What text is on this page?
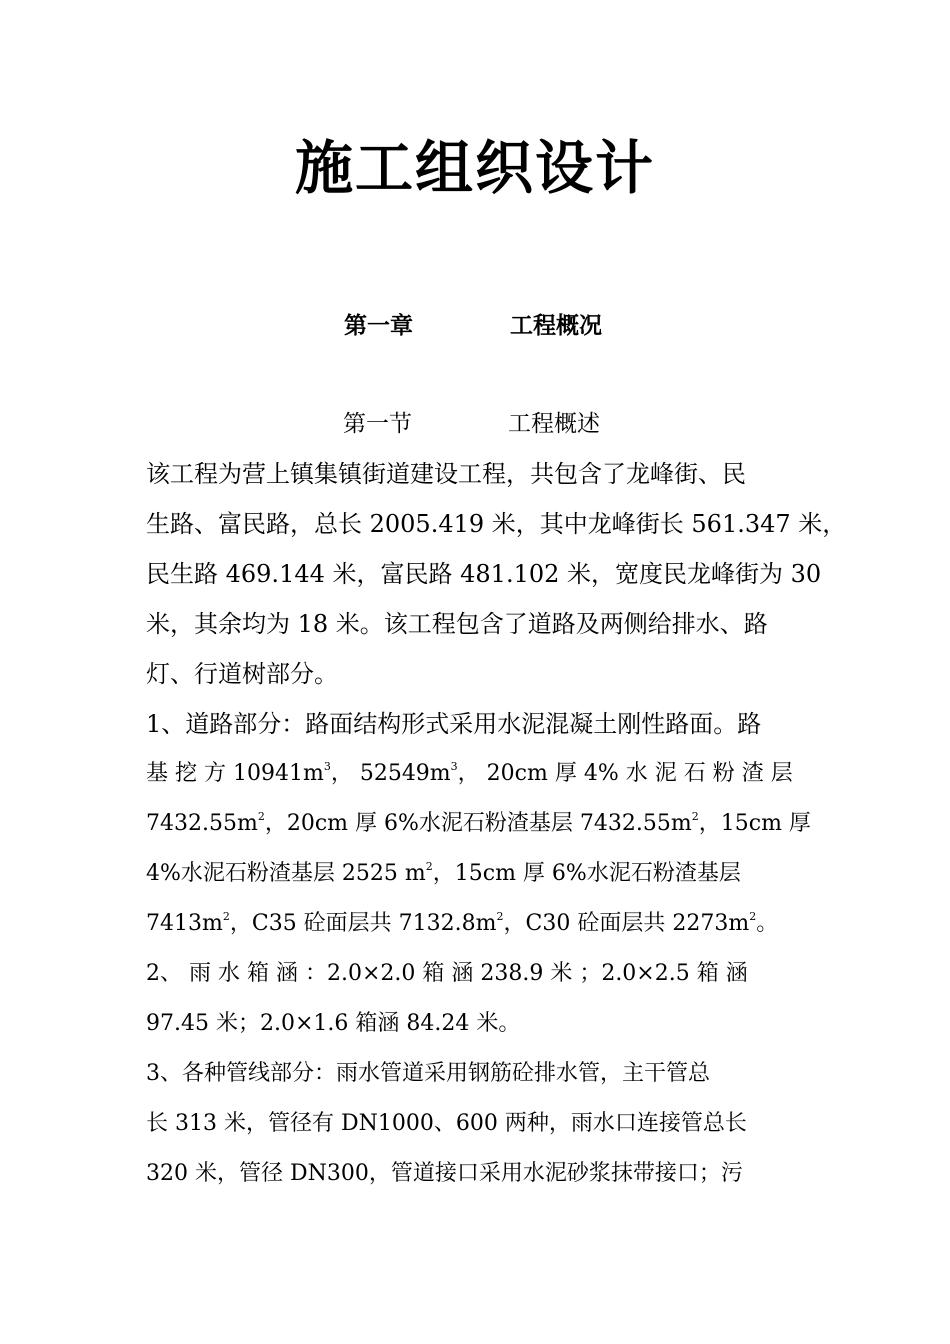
施工组织设计
第一章	工程概况
第一节	工程概述
该工程为营上镇集镇街道建设工程，共包含了龙峰街、民
生路、富民路，总长 2005.419 米，其中龙峰街长 561.347 米，
民生路 469.144 米，富民路 481.102 米，宽度民龙峰街为 30
米，其余均为 18 米。该工程包含了道路及两侧给排水、路
灯、行道树部分。
1、道路部分：路面结构形式采用水泥混凝土刚性路面。路
基 挖 方 $10941m^3$， $52549m^3$， 20cm 厚 4% 水 泥 石 粉 渣 层
$7432.55m^2$，20cm 厚 6%水泥石粉渣基层 $7432.55m^2$，15cm 厚
4%水泥石粉渣基层 2525 $m^2$，15cm 厚 6%水泥石粉渣基层
$7413m^2$，C35 砼面层共 $7132.8m^2$，C30 砼面层共 $2273m^2$。
2、 雨 水 箱 涵 ：2.0×2.0 箱 涵 238.9 米 ；2.0×2.5 箱 涵
97.45 米；2.0×1.6 箱涵 84.24 米。
3、各种管线部分：雨水管道采用钢筋砼排水管，主干管总
长 313 米，管径有 DN1000、600 两种，雨水口连接管总长
320 米，管径 DN300，管道接口采用水泥砂浆抹带接口；污
